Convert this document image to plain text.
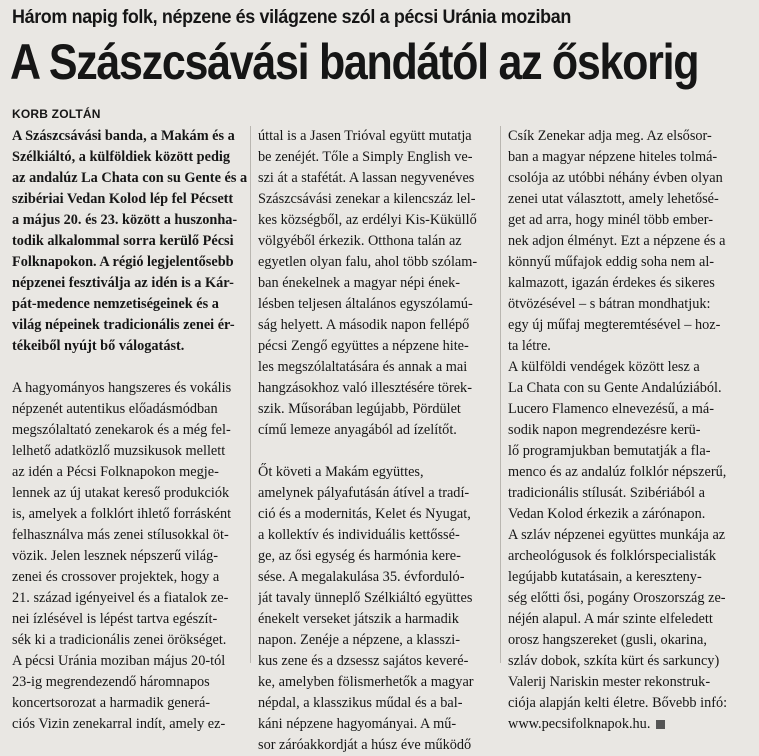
Három napig folk, népzene és világzene szól a pécsi Uránia moziban
A Szászcsávási bandától az őskorig
KORB ZOLTÁN
A Szászcsávási banda, a Makám és a
Szélkiáltó, a külföldiek között pedig
az andalúz La Chata con su Gente és a
szibériai Vedan Kolod lép fel Pécsett
a május 20. és 23. között a huszonha-
todik alkalommal sorra kerülő Pécsi
Folknapokon. A régió legjelentősebb
népzenei fesztiválja az idén is a Kár-
pát-medence nemzetiségeinek és a
világ népeinek tradicionális zenei ér-
tékeiből nyújt bő válogatást.
A hagyományos hangszeres és vokális
népzenét autentikus előadásmódban
megszólaltató zenekarok és a még fel-
lelhető adatközlő muzsikusok mellett
az idén a Pécsi Folknapokon megje-
lennek az új utakat kereső produkciók
is, amelyek a folklórt ihlető forrásként
felhasználva más zenei stílusokkal öt-
vözik. Jelen lesznek népszerű világ-
zenei és crossover projektek, hogy a
21. század igényeivel és a fiatalok ze-
nei ízlésével is lépést tartva egészít-
sék ki a tradicionális zenei örökséget.
A pécsi Uránia moziban május 20-tól
23-ig megrendezendő háromnapos
koncertsorozat a harmadik generá-
ciós Vizin zenekarral indít, amely ez-
úttal is a Jasen Trióval együtt mutatja
be zenéjét. Tőle a Simply English ve-
szi át a stafétát. A lassan negyvenéves
Szászcsávási zenekar a kilencszáz lel-
kes községből, az erdélyi Kis-Küküllő
völgyéből érkezik. Otthona talán az
egyetlen olyan falu, ahol több szólam-
ban énekelnek a magyar népi ének-
lésben teljesen általános egyszólamú-
ság helyett. A második napon fellépő
pécsi Zengő együttes a népzene hite-
les megszólaltatására és annak a mai
hangzásokhoz való illesztésére törek-
szik. Műsorában legújabb, Pördület
című lemeze anyagából ad ízelítőt.
Őt követi a Makám együttes,
amelynek pályafutásán átível a tradí-
ció és a modernitás, Kelet és Nyugat,
a kollektív és individuális kettőssé-
ge, az ősi egység és harmónia kere-
sése. A megalakulása 35. évfordulό-
ját tavaly ünneplő Szélkiáltó együttes
énekelt verseket játszik a harmadik
napon. Zenéje a népzene, a klasszi-
kus zene és a dzsessz sajátos keveré-
ke, amelyben fölismerhetők a magyar
népdal, a klasszikus műdal és a bal-
káni népzene hagyományai. A mű-
sor záróakkordját a húsz éve működő
Csík Zenekar adja meg. Az elsősor-
ban a magyar népzene hiteles tolmá-
csolója az utóbbi néhány évben olyan
zenei utat választott, amely lehetősé-
get ad arra, hogy minél több ember-
nek adjon élményt. Ezt a népzene és a
könnyű műfajok eddig soha nem al-
kalmazott, igazán érdekes és sikeres
ötvözésével – s bátran mondhatjuk:
egy új műfaj megteremtésével – hoz-
ta létre.
A külföldi vendégek között lesz a
La Chata con su Gente Andalúziából.
Lucero Flamenco elnevezésű, a má-
sodik napon megrendezésre kerü-
lő programjukban bemutatják a fla-
menco és az andalúz folklór népszerű,
tradicionális stílusát. Szibériából a
Vedan Kolod érkezik a zárónapon.
A szláv népzenei együttes munkája az
archeológusok és folklórspecialisták
legújabb kutatásain, a kereszteny-
ség előtti ősi, pogány Oroszország ze-
néjén alapul. A már szinte elfeledett
orosz hangszereket (gusli, okarina,
szláv dobok, szkíta kürt és sarkuncy)
Valerij Nariskin mester rekonstruk-
ciója alapján kelti életre. Bővebb infó:
www.pecsifolknapok.hu.
